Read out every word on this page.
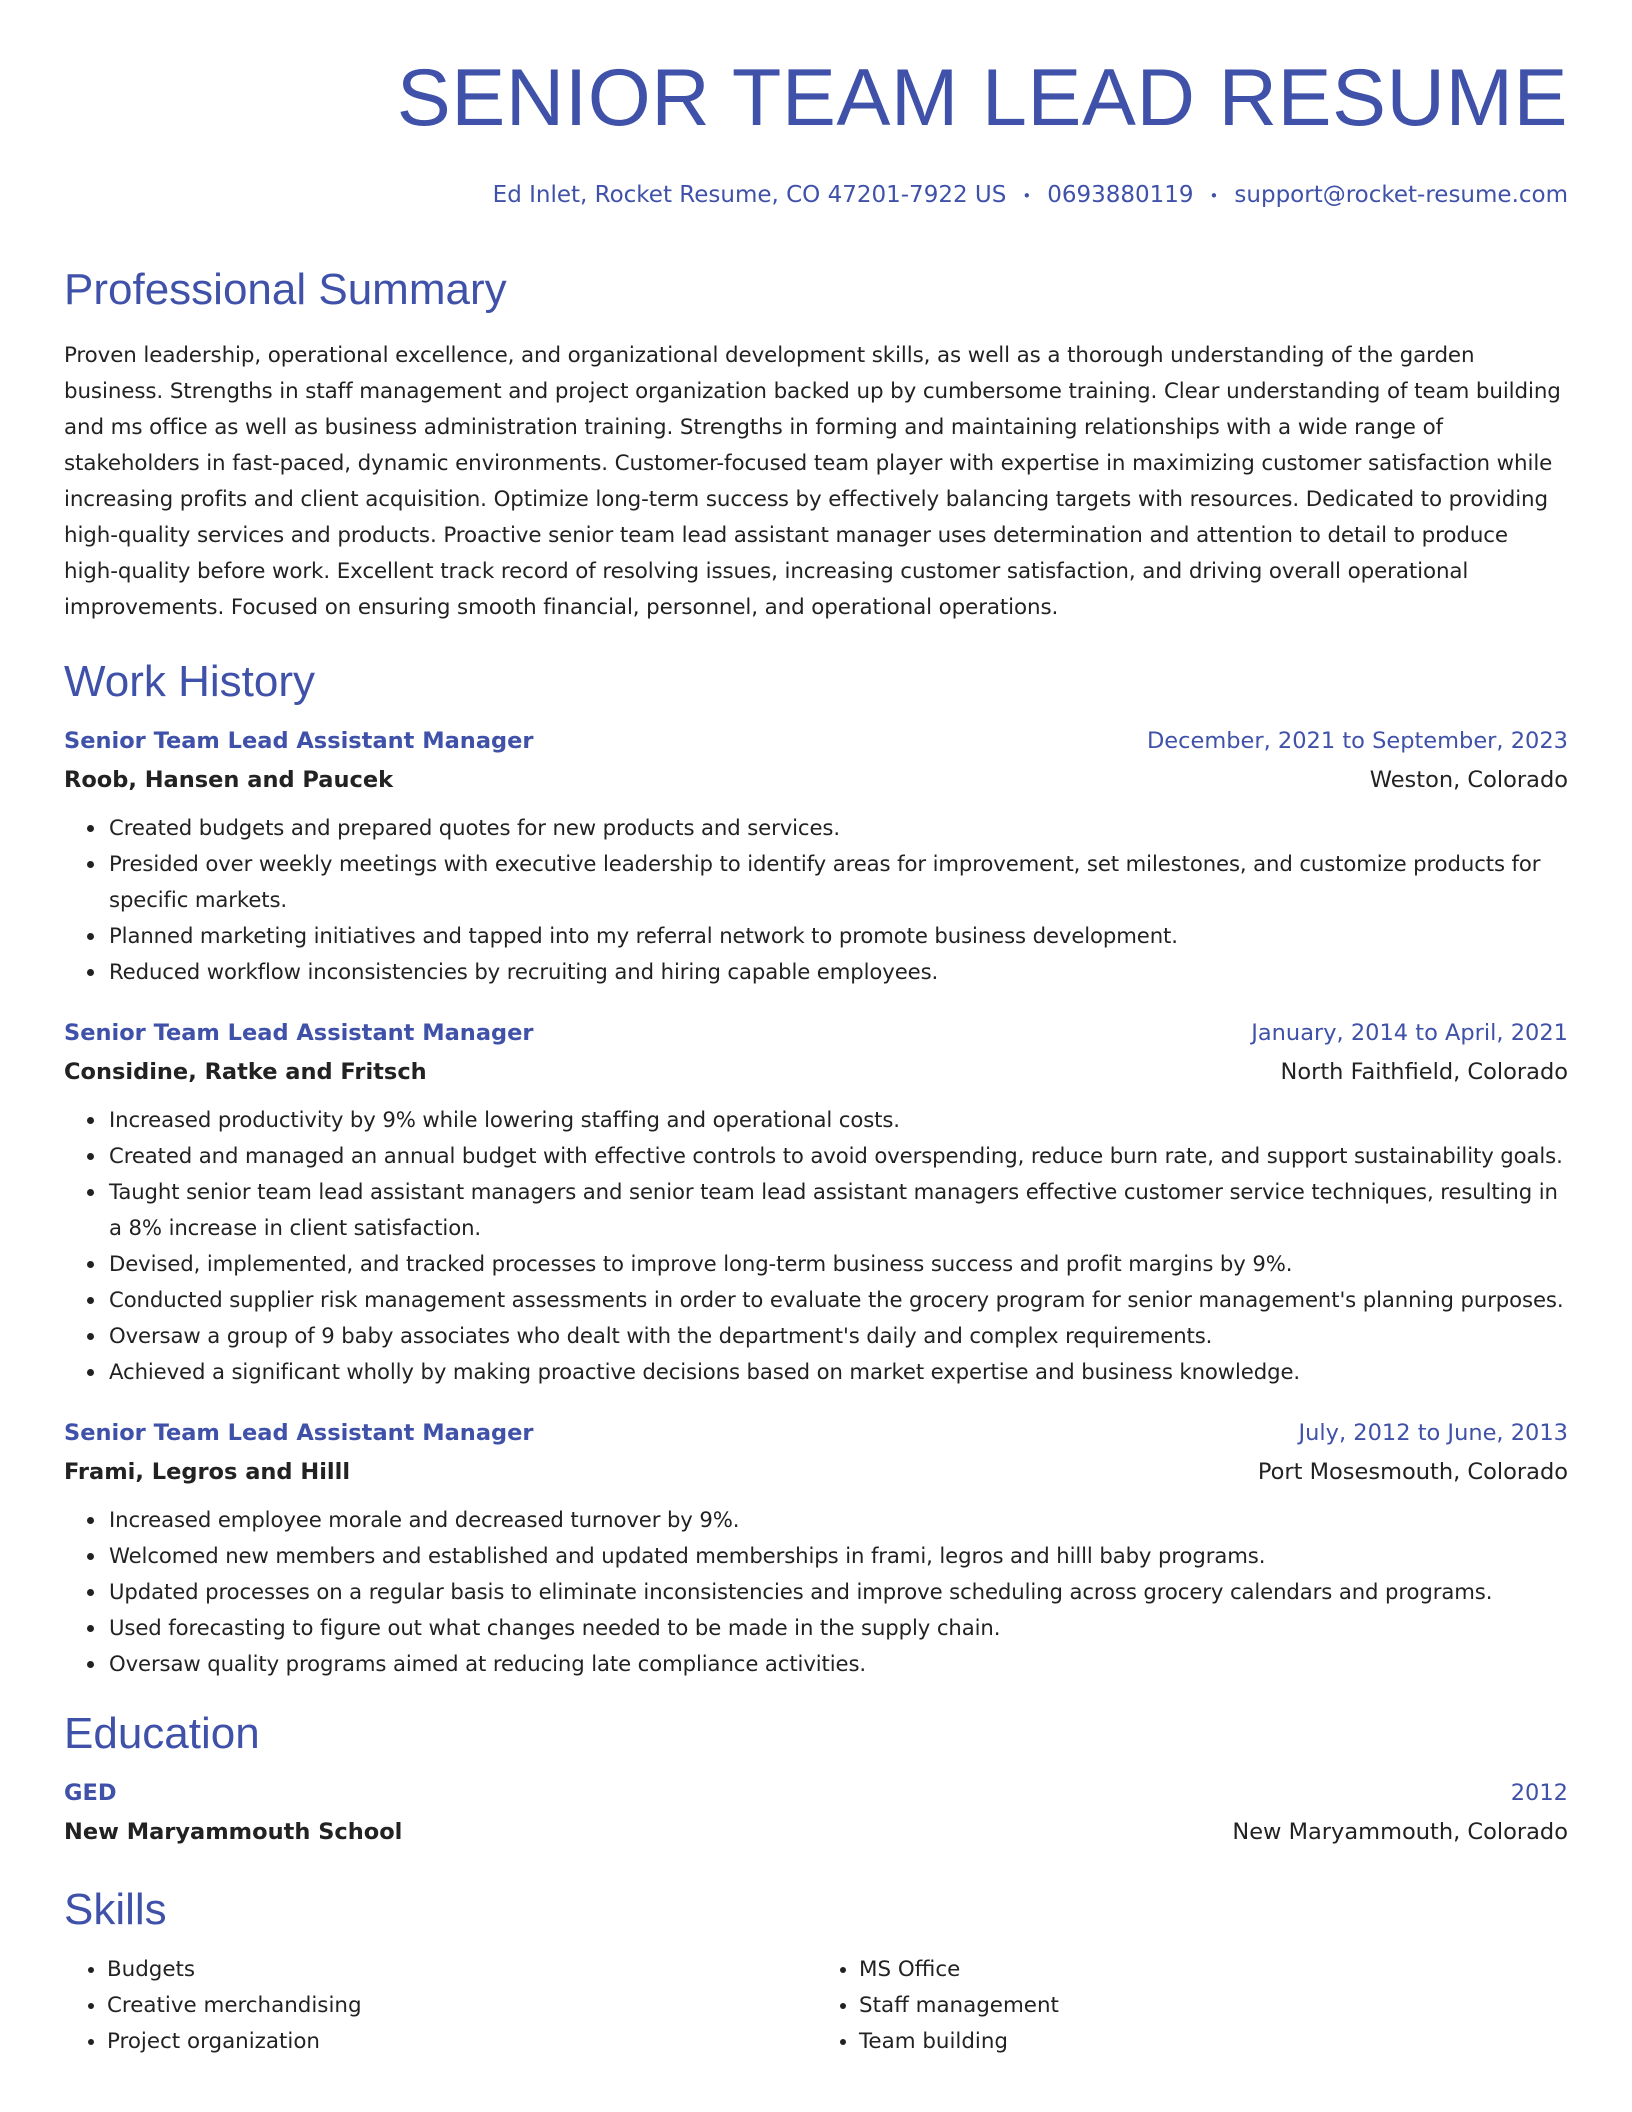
SENIOR TEAM LEAD RESUME
Ed Inlet, Rocket Resume, CO 47201-7922 US • 0693880119 • support@rocket-resume.com
Professional Summary

Proven leadership, operational excellence, and organizational development skills, as well as a thorough understanding of the garden business. Strengths in staff management and project organization backed up by cumbersome training. Clear understanding of team building and ms office as well as business administration training. Strengths in forming and maintaining relationships with a wide range of stakeholders in fast-paced, dynamic environments. Customer-focused team player with expertise in maximizing customer satisfaction while increasing profits and client acquisition. Optimize long-term success by effectively balancing targets with resources. Dedicated to providing high-quality services and products. Proactive senior team lead assistant manager uses determination and attention to detail to produce high-quality before work. Excellent track record of resolving issues, increasing customer satisfaction, and driving overall operational improvements. Focused on ensuring smooth financial, personnel, and operational operations.

Work History
Senior Team Lead Assistant Manager	December, 2021 to September, 2023
Roob, Hansen and Paucek	Weston, Colorado
• Created budgets and prepared quotes for new products and services.
• Presided over weekly meetings with executive leadership to identify areas for improvement, set milestones, and customize products for specific markets.
• Planned marketing initiatives and tapped into my referral network to promote business development.
• Reduced workflow inconsistencies by recruiting and hiring capable employees.
Senior Team Lead Assistant Manager	January, 2014 to April, 2021
Considine, Ratke and Fritsch	North Faithfield, Colorado
• Increased productivity by 9% while lowering staffing and operational costs.
• Created and managed an annual budget with effective controls to avoid overspending, reduce burn rate, and support sustainability goals.
• Taught senior team lead assistant managers and senior team lead assistant managers effective customer service techniques, resulting in a 8% increase in client satisfaction.
• Devised, implemented, and tracked processes to improve long-term business success and profit margins by 9%.
• Conducted supplier risk management assessments in order to evaluate the grocery program for senior management's planning purposes.
• Oversaw a group of 9 baby associates who dealt with the department's daily and complex requirements.
• Achieved a significant wholly by making proactive decisions based on market expertise and business knowledge.
Senior Team Lead Assistant Manager	July, 2012 to June, 2013
Frami, Legros and Hilll	Port Mosesmouth, Colorado
• Increased employee morale and decreased turnover by 9%.
• Welcomed new members and established and updated memberships in frami, legros and hilll baby programs.
• Updated processes on a regular basis to eliminate inconsistencies and improve scheduling across grocery calendars and programs.
• Used forecasting to figure out what changes needed to be made in the supply chain.
• Oversaw quality programs aimed at reducing late compliance activities.
Education
GED	2012
New Maryammouth School	New Maryammouth, Colorado
Skills
• Budgets
• Creative merchandising
• Project organization
• MS Office
• Staff management
• Team building
